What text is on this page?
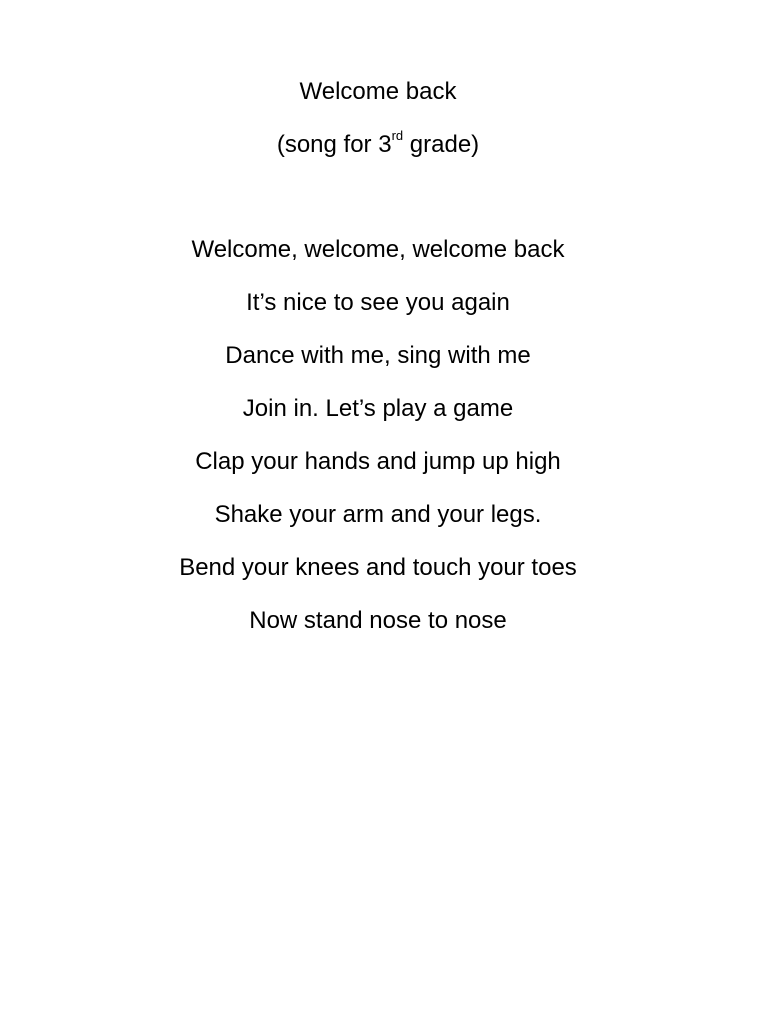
Welcome back
(song for 3rd grade)
Welcome, welcome, welcome back
It’s nice to see you again
Dance with me, sing with me
Join in. Let’s play a game
Clap your hands and jump up high
Shake your arm and your legs.
Bend your knees and touch your toes
Now stand nose to nose
